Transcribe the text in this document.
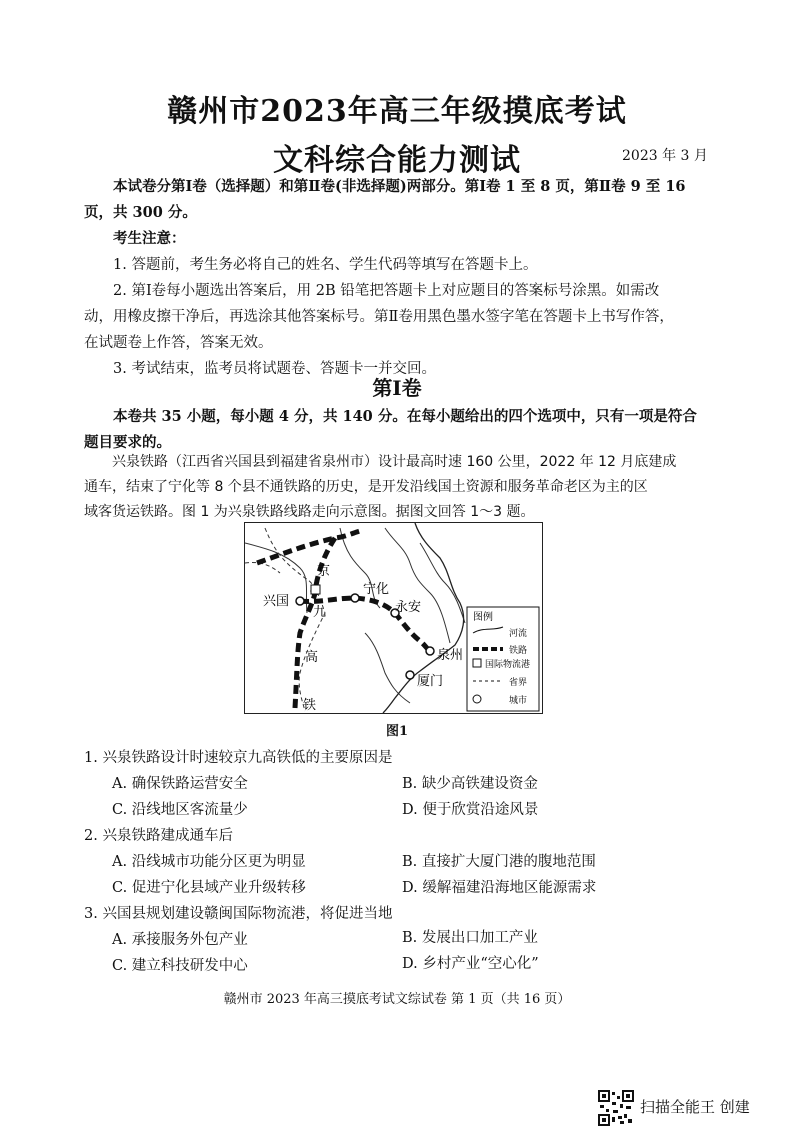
赣州市2023年高三年级摸底考试
文科综合能力测试	2023 年 3 月

本试卷分第Ⅰ卷（选择题）和第Ⅱ卷(非选择题)两部分。第Ⅰ卷 1 至 8 页，第Ⅱ卷 9 至 16

页，共 300 分。

考生注意：

1. 答题前，考生务必将自己的姓名、学生代码等填写在答题卡上。

2. 第Ⅰ卷每小题选出答案后，用 2B 铅笔把答题卡上对应题目的答案标号涂黑。如需改

动，用橡皮擦干净后，再选涂其他答案标号。第Ⅱ卷用黑色墨水签字笔在答题卡上书写作答，

在试题卷上作答，答案无效。

3. 考试结束，监考员将试题卷、答题卡一并交回。

第Ⅰ卷

本卷共 35 小题，每小题 4 分，共 140 分。在每小题给出的四个选项中，只有一项是符合

题目要求的。

兴泉铁路（江西省兴国县到福建省泉州市）设计最高时速 160 公里，2022 年 12 月底建成

通车，结束了宁化等 8 个县不通铁路的历史，是开发沿线国土资源和服务革命老区为主的区

域客货运铁路。图 1 为兴泉铁路线路走向示意图。据图文回答 1～3 题。

京
九
高
铁
兴国
宁化
永安
泉州
厦门
图例
河流
铁路
国际物流港
省界
城市
图1
1. 兴泉铁路设计时速较京九高铁低的主要原因是
A. 确保铁路运营安全	B. 缺少高铁建设资金
C. 沿线地区客流量少	D. 便于欣赏沿途风景
2. 兴泉铁路建成通车后
A. 沿线城市功能分区更为明显	B. 直接扩大厦门港的腹地范围
C. 促进宁化县域产业升级转移	D. 缓解福建沿海地区能源需求
3. 兴国县规划建设赣闽国际物流港，将促进当地
A. 承接服务外包产业	B. 发展出口加工产业
C. 建立科技研发中心	D. 乡村产业“空心化”
赣州市 2023 年高三摸底考试文综试卷 第 1 页（共 16 页）
扫描全能王 创建
